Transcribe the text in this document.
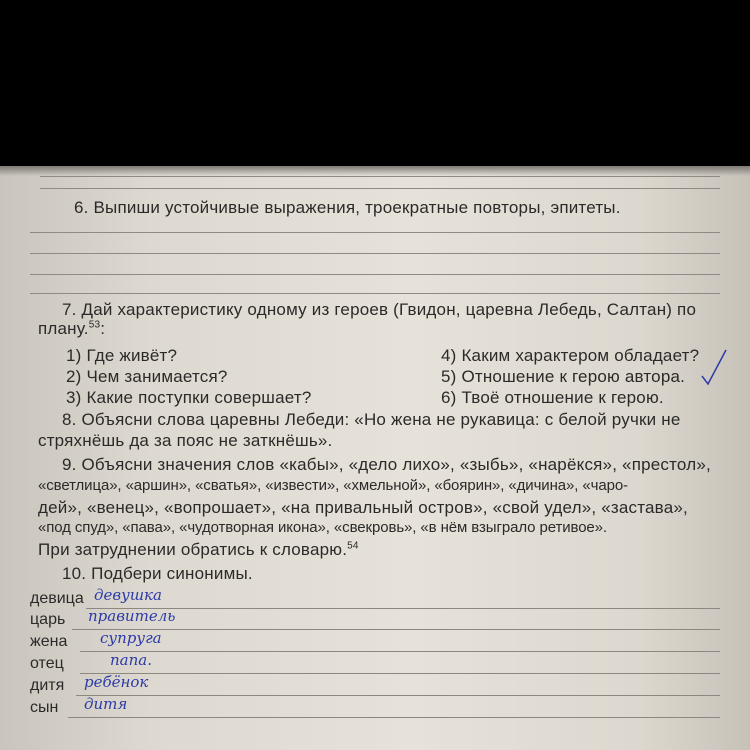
6. Выпиши устойчивые выражения, троекратные повторы, эпитеты.
7. Дай характеристику одному из героев (Гвидон, царевна Лебедь, Салтан) по
плану.$^{53}$:
1) Где живёт?
2) Чем занимается?
3) Какие поступки совершает?
4) Каким характером обладает?
5) Отношение к герою автора.
6) Твоё отношение к герою.
8. Объясни слова царевны Лебеди: «Но жена не рукавица: с белой ручки не
стряхнёшь да за пояс не заткнёшь».
9. Объясни значения слов «кабы», «дело лихо», «зыбь», «нарёкся», «престол»,
«светлица», «аршин», «сватья», «извести», «хмельной», «боярин», «дичина», «чаро-
дей», «венец», «вопрошает», «на привальный остров», «свой удел», «застава»,
«под спуд», «пава», «чудотворная икона», «свекровь», «в нём взыграло ретивое».
При затруднении обратись к словарю.$^{54}$
10. Подбери синонимы.
девица девушка
царь правитель
жена супруга
отец	папа.
дитя ребёнок
сын дитя
